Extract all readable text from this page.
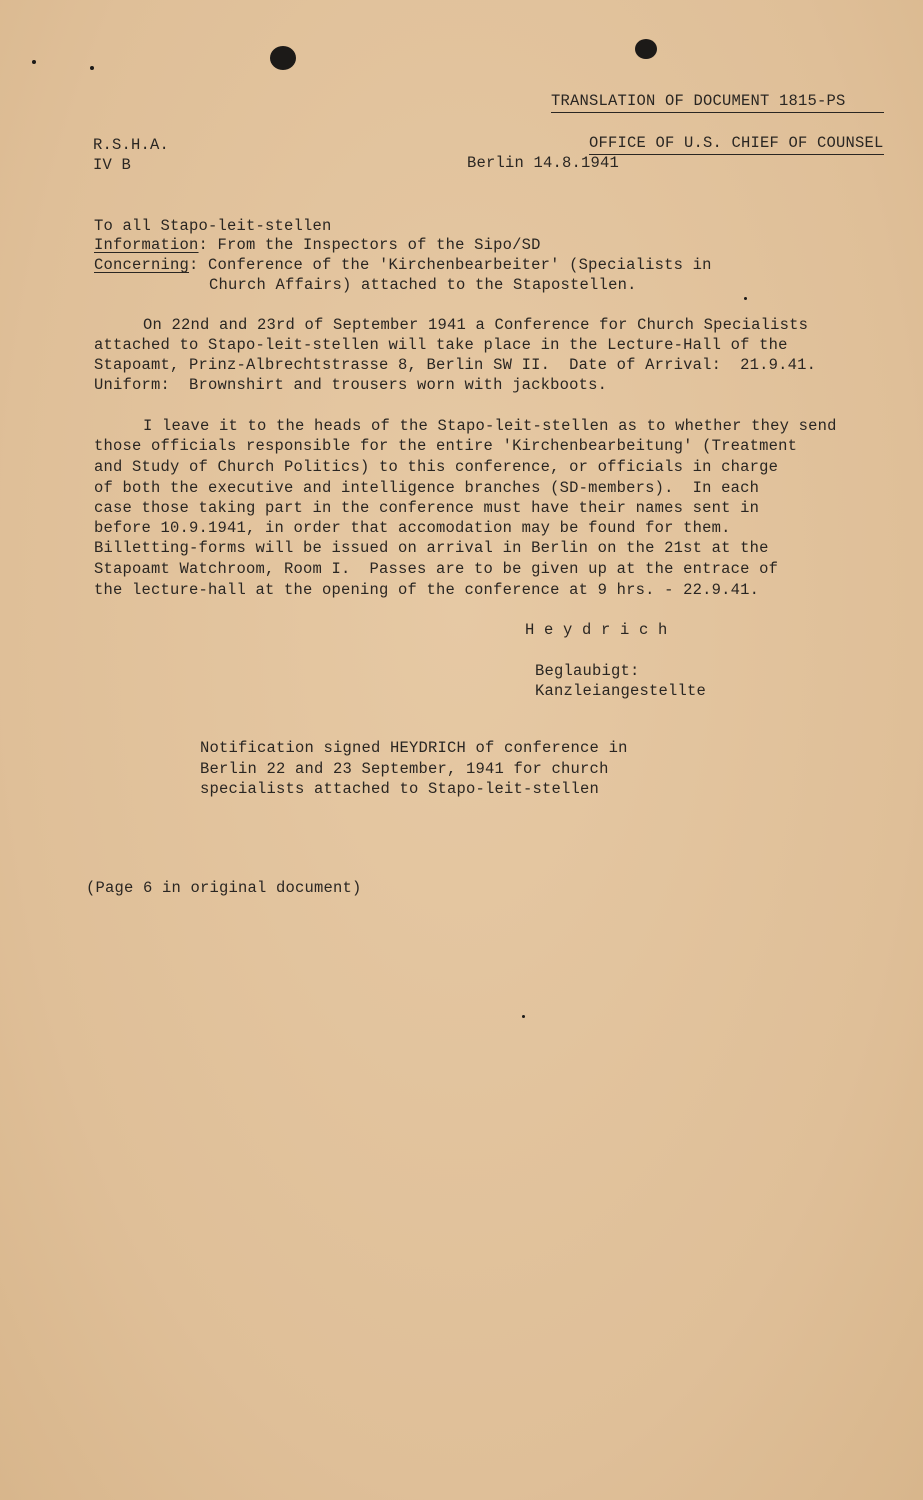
TRANSLATION OF DOCUMENT 1815-PS

OFFICE OF U.S. CHIEF OF COUNSEL

R.S.H.A.
IV B	Berlin 14.8.1941
To all Stapo-leit-stellen
Information: From the Inspectors of the Sipo/SD
Concerning: Conference of the 'Kirchenbearbeiter' (Specialists in
Church Affairs) attached to the Stapostellen.
On 22nd and 23rd of September 1941 a Conference for Church Specialists
attached to Stapo-leit-stellen will take place in the Lecture-Hall of the
Stapoamt, Prinz-Albrechtstrasse 8, Berlin SW II.  Date of Arrival:  21.9.41.
Uniform:  Brownshirt and trousers worn with jackboots.
I leave it to the heads of the Stapo-leit-stellen as to whether they send
those officials responsible for the entire 'Kirchenbearbeitung' (Treatment
and Study of Church Politics) to this conference, or officials in charge
of both the executive and intelligence branches (SD-members).  In each
case those taking part in the conference must have their names sent in
before 10.9.1941, in order that accomodation may be found for them.
Billetting-forms will be issued on arrival in Berlin on the 21st at the
Stapoamt Watchroom, Room I.  Passes are to be given up at the entrace of
the lecture-hall at the opening of the conference at 9 hrs. - 22.9.41.
H e y d r i c h
Beglaubigt:
Kanzleiangestellte
Notification signed HEYDRICH of conference in
Berlin 22 and 23 September, 1941 for church
specialists attached to Stapo-leit-stellen
(Page 6 in original document)
